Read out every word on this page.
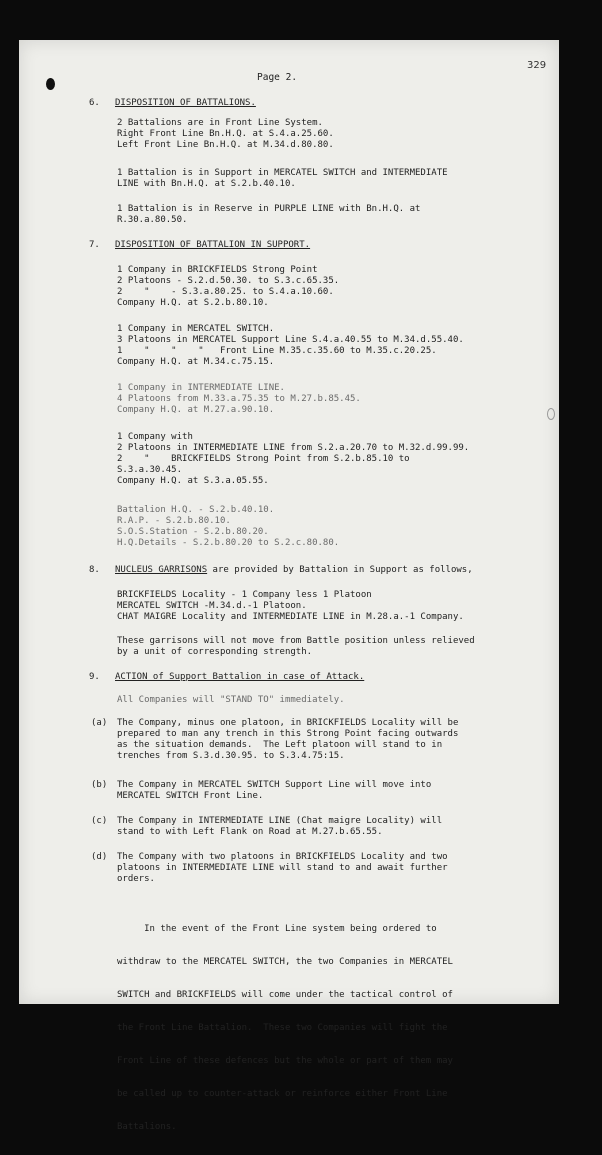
Page 2.
329
6. DISPOSITION OF BATTALIONS.
2 Battalions are in Front Line System.
Right Front Line Bn.H.Q. at S.4.a.25.60.
Left Front Line Bn.H.Q. at M.34.d.80.80.
1 Battalion is in Support in MERCATEL SWITCH and INTERMEDIATE
LINE with Bn.H.Q. at S.2.b.40.10.
1 Battalion is in Reserve in PURPLE LINE with Bn.H.Q. at
R.30.a.80.50.
7. DISPOSITION OF BATTALION IN SUPPORT.
1 Company in BRICKFIELDS Strong Point
2 Platoons - S.2.d.50.30. to S.3.c.65.35.
2    "    - S.3.a.80.25. to S.4.a.10.60.
Company H.Q. at S.2.b.80.10.
1 Company in MERCATEL SWITCH.
3 Platoons in MERCATEL Support Line S.4.a.40.55 to M.34.d.55.40.
1    "    "    "   Front Line M.35.c.35.60 to M.35.c.20.25.
Company H.Q. at M.34.c.75.15.
1 Company in INTERMEDIATE LINE.
4 Platoons from M.33.a.75.35 to M.27.b.85.45.
Company H.Q. at M.27.a.90.10.
1 Company with
2 Platoons in INTERMEDIATE LINE from S.2.a.20.70 to M.32.d.99.99.
2    "    BRICKFIELDS Strong Point from S.2.b.85.10 to
S.3.a.30.45.
Company H.Q. at S.3.a.05.55.
Battalion H.Q. - S.2.b.40.10.
R.A.P. - S.2.b.80.10.
S.O.S.Station - S.2.b.80.20.
H.Q.Details - S.2.b.80.20 to S.2.c.80.80.
8. NUCLEUS GARRISONS are provided by Battalion in Support as follows,
BRICKFIELDS Locality - 1 Company less 1 Platoon
MERCATEL SWITCH -M.34.d.-1 Platoon.
CHAT MAIGRE Locality and INTERMEDIATE LINE in M.28.a.-1 Company.
These garrisons will not move from Battle position unless relieved
by a unit of corresponding strength.
9. ACTION of Support Battalion in case of Attack.
All Companies will "STAND TO" immediately.
(a) The Company, minus one platoon, in BRICKFIELDS Locality will be
prepared to man any trench in this Strong Point facing outwards
as the situation demands.  The Left platoon will stand to in
trenches from S.3.d.30.95. to S.3.4.75:15.
(b) The Company in MERCATEL SWITCH Support Line will move into
MERCATEL SWITCH Front Line.
(c) The Company in INTERMEDIATE LINE (Chat maigre Locality) will
stand to with Left Flank on Road at M.27.b.65.55.
(d) The Company with two platoons in BRICKFIELDS Locality and two
platoons in INTERMEDIATE LINE will stand to and await further
orders.

In the event of the Front Line system being ordered to

withdraw to the MERCATEL SWITCH, the two Companies in MERCATEL

SWITCH and BRICKFIELDS will come under the tactical control of

the Front Line Battalion.  These two Companies will fight the

Front Line of these defences but the whole or part of them may

be called up to counter-attack or reinforce either Front Line

Battalions.
